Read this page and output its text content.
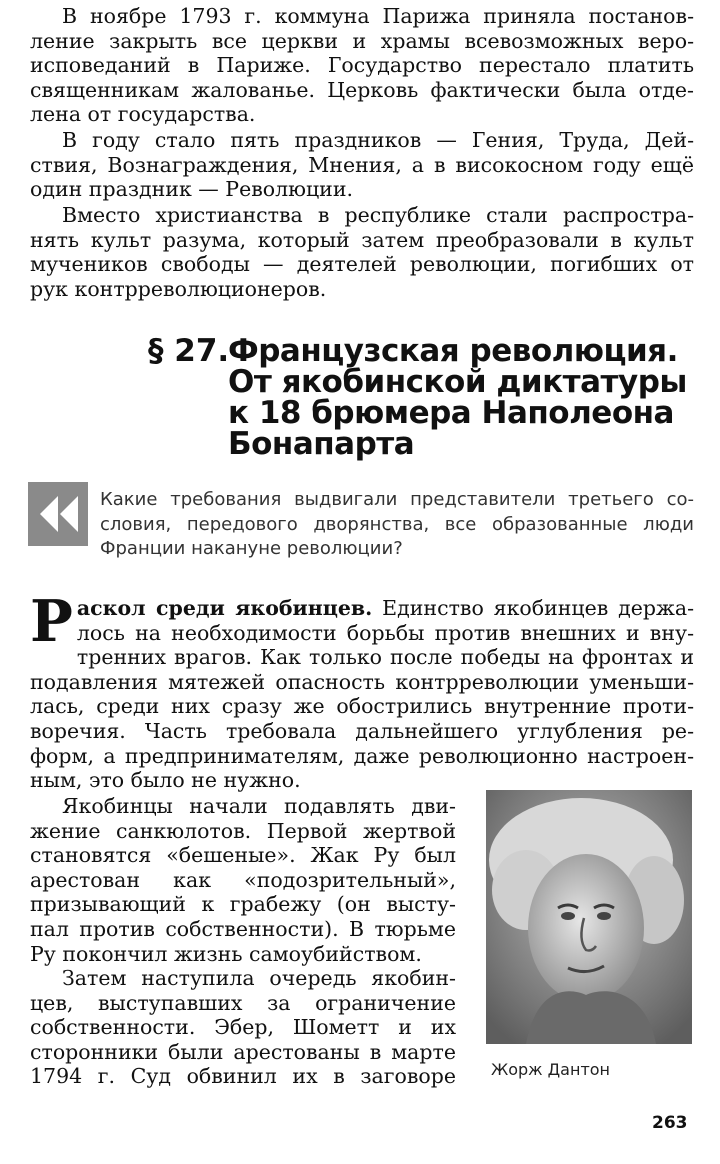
В ноябре 1793 г. коммуна Парижа приняла постанов-
ление закрыть все церкви и храмы всевозможных веро-
исповеданий в Париже. Государство перестало платить
священникам жалованье. Церковь фактически была отде-
лена от государства.
В году стало пять праздников — Гения, Труда, Дей-
ствия, Вознаграждения, Мнения, а в високосном году ещё
один праздник — Революции.
Вместо христианства в республике стали распростра-
нять культ разума, который затем преобразовали в культ
мучеников свободы — деятелей революции, погибших от
рук контрреволюционеров.
§ 27.
Французская революция.
От якобинской диктатуры
к 18 брюмера Наполеона
Бонапарта

Какие требования выдвигали представители третьего со-
словия, передового дворянства, все образованные люди
Франции накануне революции?

Р аскол среди якобинцев. Единство якобинцев держа-
лось на необходимости борьбы против внешних и вну-
тренних врагов. Как только после победы на фронтах и
подавления мятежей опасность контрреволюции уменьши-
лась, среди них сразу же обострились внутренние проти-
воречия. Часть требовала дальнейшего углубления ре-
форм, а предпринимателям, даже революционно настроен-
ным, это было не нужно.
Якобинцы начали подавлять дви-
жение санкюлотов. Первой жертвой
становятся «бешеные». Жак Ру был
арестован как «подозрительный»,
призывающий к грабежу (он высту-
пал против собственности). В тюрьме
Ру покончил жизнь самоубийством.
Затем наступила очередь якобин-
цев, выступавших за ограничение
собственности. Эбер, Шометт и их
сторонники были арестованы в марте
1794 г. Суд обвинил их в заговоре Жорж Дантон
263
